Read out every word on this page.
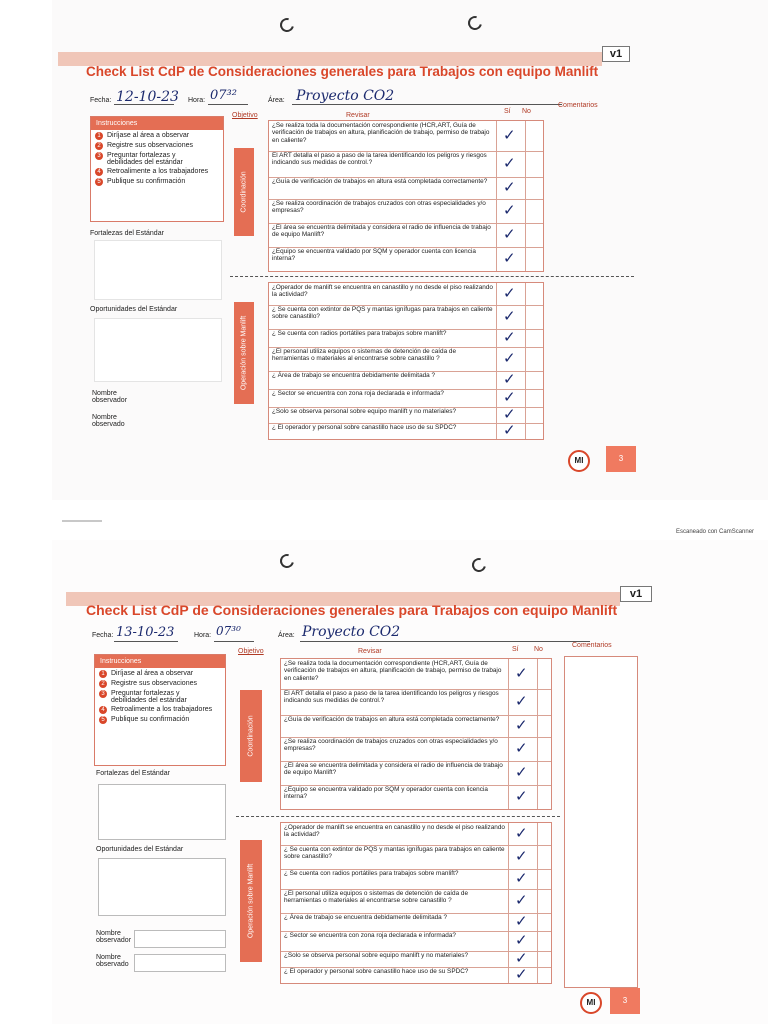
v1
Check List CdP de Consideraciones generales para Trabajos con equipo Manlift
Fecha: 12-10-23 Hora: 07³²	Área: Proyecto CO2
Objetivo	Revisar
Sí No
Comentarios
Instrucciones
1 Diríjase al área a observar
2 Registre sus observaciones
3 Preguntar fortalezas y debilidades del estándar
4 Retroalimente a los trabajadores
5 Publique su confirmación
Fortalezas del Estándar
Oportunidades del Estándar
Nombre observador
Nombre observado
Coordinación
Operación sobre Manlift
¿Se realiza toda la documentación correspondiente (HCR,ART, Guía de verificación de trabajos en altura, planificación de trabajo, permiso de trabajo en caliente?	✓
El ART detalla el paso a paso de la tarea identificando los peligros y riesgos indicando sus medidas de control.?	✓
¿Guía de verificación de trabajos en altura está completada correctamente?	✓
¿Se realiza coordinación de trabajos cruzados con otras especialidades y/o empresas?	✓
¿El área se encuentra delimitada y considera el radio de influencia de trabajo de equipo Manlift?	✓
¿Equipo se encuentra validado por SQM y operador cuenta con licencia interna?	✓
¿Operador de manlift se encuentra en canastillo y no desde el piso realizando la actividad?	✓
¿ Se cuenta con extintor de PQS y mantas ignífugas para trabajos en caliente sobre canastillo?	✓
¿ Se cuenta con radios portátiles para trabajos sobre manlift?	✓
¿El personal utiliza equipos o sistemas de detención de caída de herramientas o materiales al encontrarse sobre canastillo ?	✓
¿ Área de trabajo se encuentra debidamente delimitada ?	✓
¿ Sector se encuentra con zona roja declarada e informada?	✓
¿Solo se observa personal sobre equipo manlift y no materiales?	✓
¿ El operador y personal sobre canastillo hace uso de su SPDC?	✓
MI	3
Escaneado con CamScanner
v1
Check List CdP de Consideraciones generales para Trabajos con equipo Manlift
Fecha: 13-10-23	Hora: 07³⁰	Área: Proyecto CO2
Objetivo	Revisar	Sí No
Comentarios
Instrucciones
1 Diríjase al área a observar
2 Registre sus observaciones
3 Preguntar fortalezas y debilidades del estándar
4 Retroalimente a los trabajadores
5 Publique su confirmación
Fortalezas del Estándar
Oportunidades del Estándar
Nombre observador
Nombre observado
Coordinación
Operación sobre Manlift
¿Se realiza toda la documentación correspondiente (HCR,ART, Guía de verificación de trabajos en altura, planificación de trabajo, permiso de trabajo en caliente?	✓
El ART detalla el paso a paso de la tarea identificando los peligros y riesgos indicando sus medidas de control.?	✓
¿Guía de verificación de trabajos en altura está completada correctamente?	✓
¿Se realiza coordinación de trabajos cruzados con otras especialidades y/o empresas?	✓
¿El área se encuentra delimitada y considera el radio de influencia de trabajo de equipo Manlift?	✓
¿Equipo se encuentra validado por SQM y operador cuenta con licencia interna?	✓
¿Operador de manlift se encuentra en canastillo y no desde el piso realizando la actividad?	✓
¿ Se cuenta con extintor de PQS y mantas ignífugas para trabajos en caliente sobre canastillo?	✓
¿ Se cuenta con radios portátiles para trabajos sobre manlift?	✓
¿El personal utiliza equipos o sistemas de detención de caída de herramientas o materiales al encontrarse sobre canastillo ?	✓
¿ Área de trabajo se encuentra debidamente delimitada ?	✓
¿ Sector se encuentra con zona roja declarada e informada?	✓
¿Solo se observa personal sobre equipo manlift y no materiales?	✓
¿ El operador y personal sobre canastillo hace uso de su SPDC?	✓
MI	3
